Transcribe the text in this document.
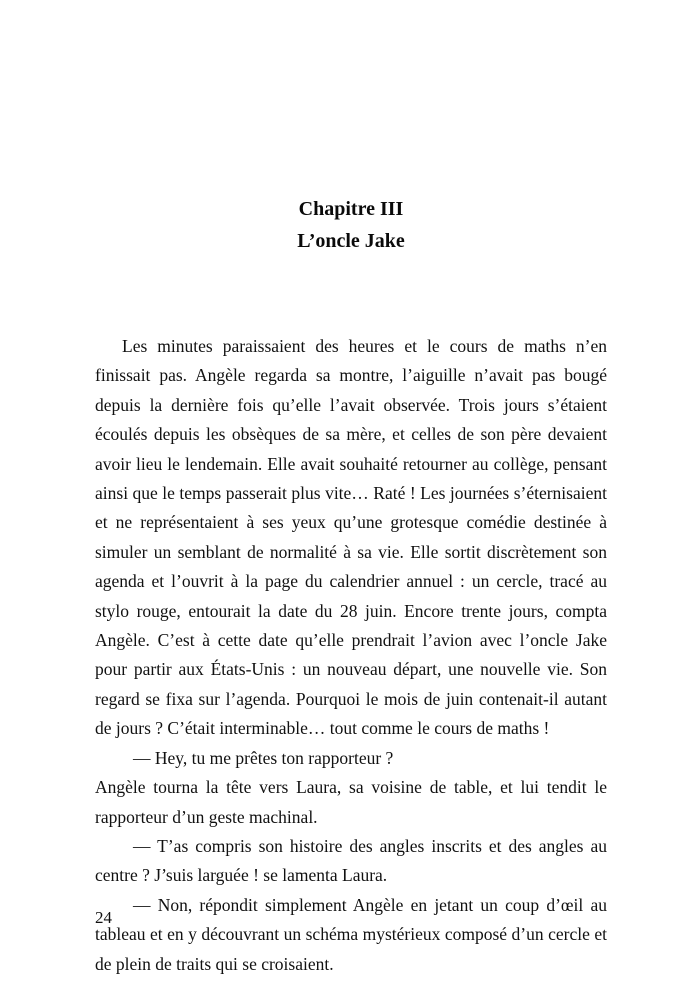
Chapitre III
L’oncle Jake

Les minutes paraissaient des heures et le cours de maths n’en finissait pas. Angèle regarda sa montre, l’aiguille n’avait pas bougé depuis la dernière fois qu’elle l’avait observée. Trois jours s’étaient écoulés depuis les obsèques de sa mère, et celles de son père devaient avoir lieu le lendemain. Elle avait souhaité retourner au collège, pensant ainsi que le temps passerait plus vite… Raté ! Les journées s’éternisaient et ne représentaient à ses yeux qu’une grotesque comédie destinée à simuler un semblant de normalité à sa vie. Elle sortit discrètement son agenda et l’ouvrit à la page du calendrier annuel : un cercle, tracé au stylo rouge, entourait la date du 28 juin. Encore trente jours, compta Angèle. C’est à cette date qu’elle prendrait l’avion avec l’oncle Jake pour partir aux États-Unis : un nouveau départ, une nouvelle vie. Son regard se fixa sur l’agenda. Pourquoi le mois de juin contenait-il autant de jours ? C’était interminable… tout comme le cours de maths !

— Hey, tu me prêtes ton rapporteur ?

Angèle tourna la tête vers Laura, sa voisine de table, et lui tendit le rapporteur d’un geste machinal.

— T’as compris son histoire des angles inscrits et des angles au centre ? J’suis larguée ! se lamenta Laura.

— Non, répondit simplement Angèle en jetant un coup d’œil au tableau et en y découvrant un schéma mystérieux composé d’un cercle et de plein de traits qui se croisaient.

24
